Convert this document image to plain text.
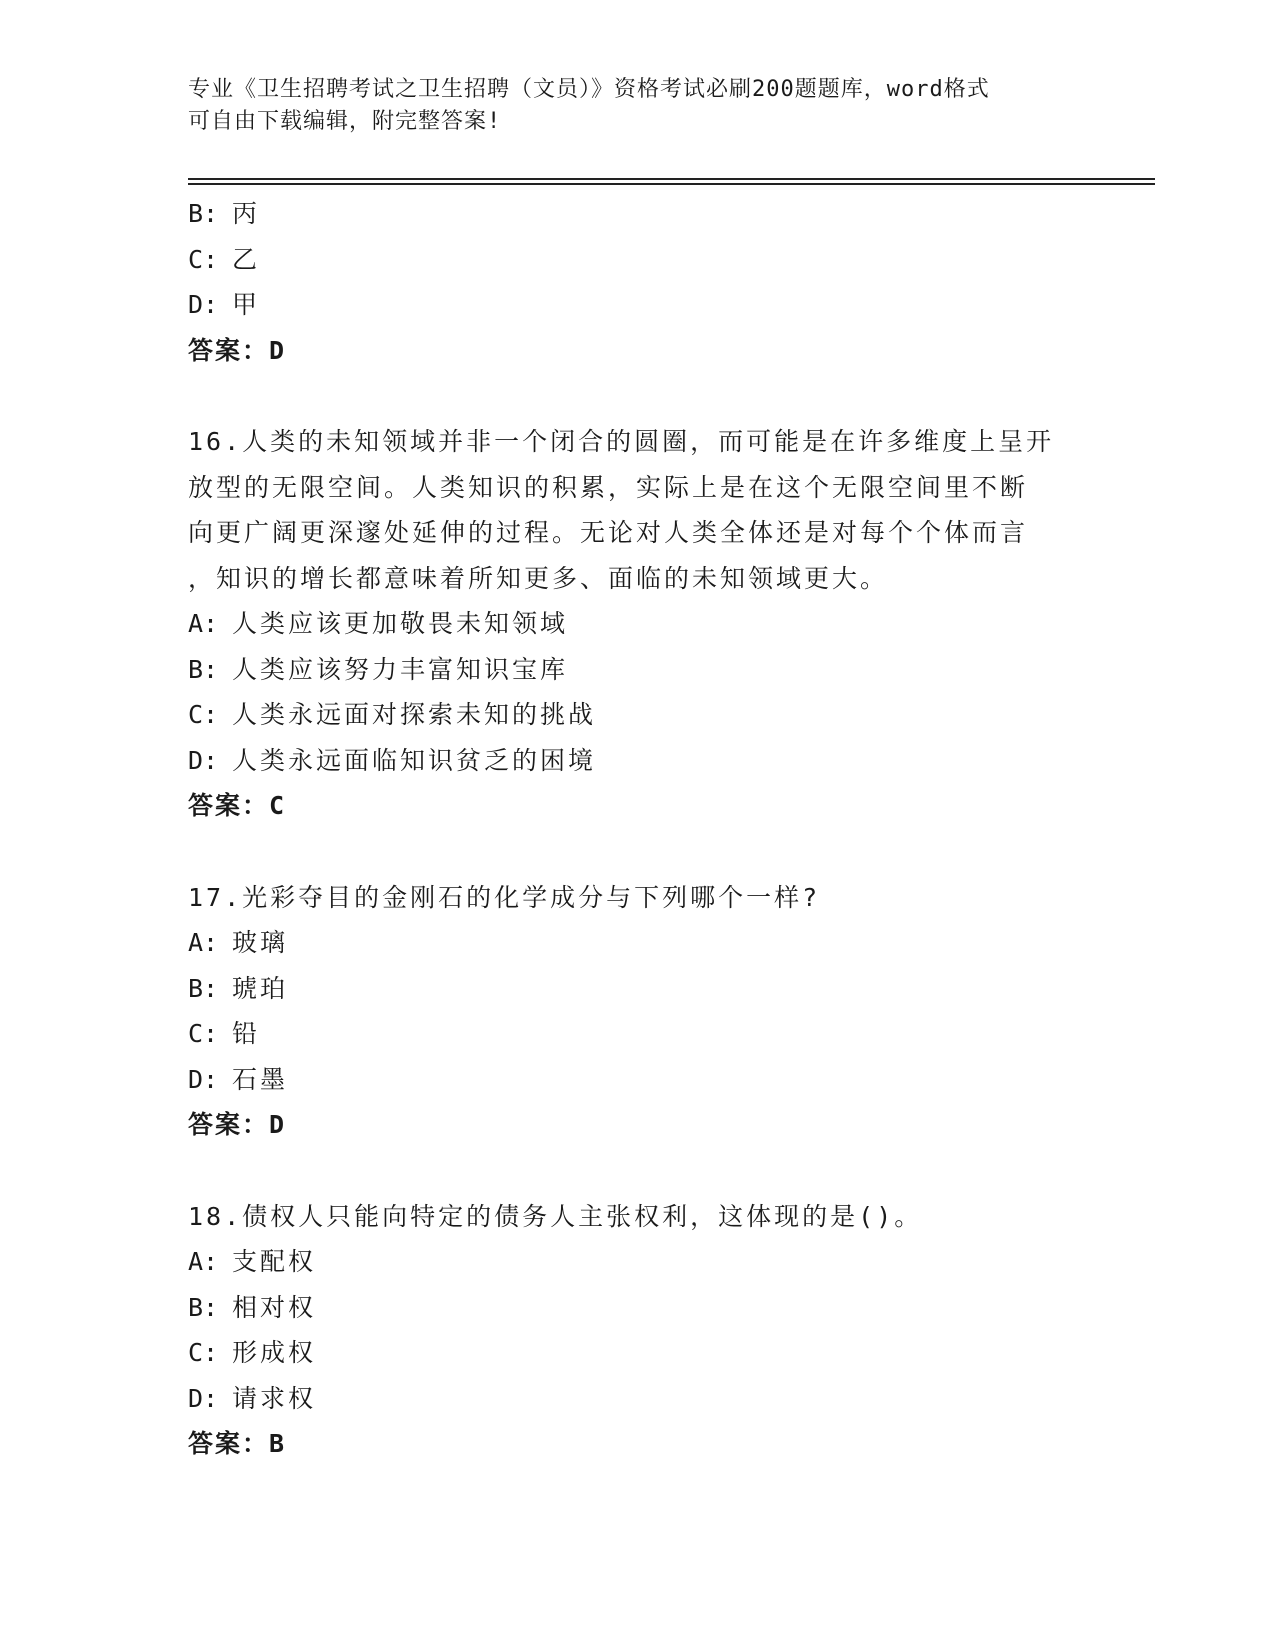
专业《卫生招聘考试之卫生招聘（文员）》资格考试必刷200题题库，word格式
可自由下载编辑，附完整答案!
B: 丙
C: 乙
D: 甲
答案：D
16.人类的未知领域并非一个闭合的圆圈，而可能是在许多维度上呈开
放型的无限空间。人类知识的积累，实际上是在这个无限空间里不断
向更广阔更深邃处延伸的过程。无论对人类全体还是对每个个体而言
，知识的增长都意味着所知更多、面临的未知领域更大。
A: 人类应该更加敬畏未知领域
B: 人类应该努力丰富知识宝库
C: 人类永远面对探索未知的挑战
D: 人类永远面临知识贫乏的困境
答案：C
17.光彩夺目的金刚石的化学成分与下列哪个一样?
A: 玻璃
B: 琥珀
C: 铅
D: 石墨
答案：D
18.债权人只能向特定的债务人主张权利，这体现的是()。
A: 支配权
B: 相对权
C: 形成权
D: 请求权
答案：B
